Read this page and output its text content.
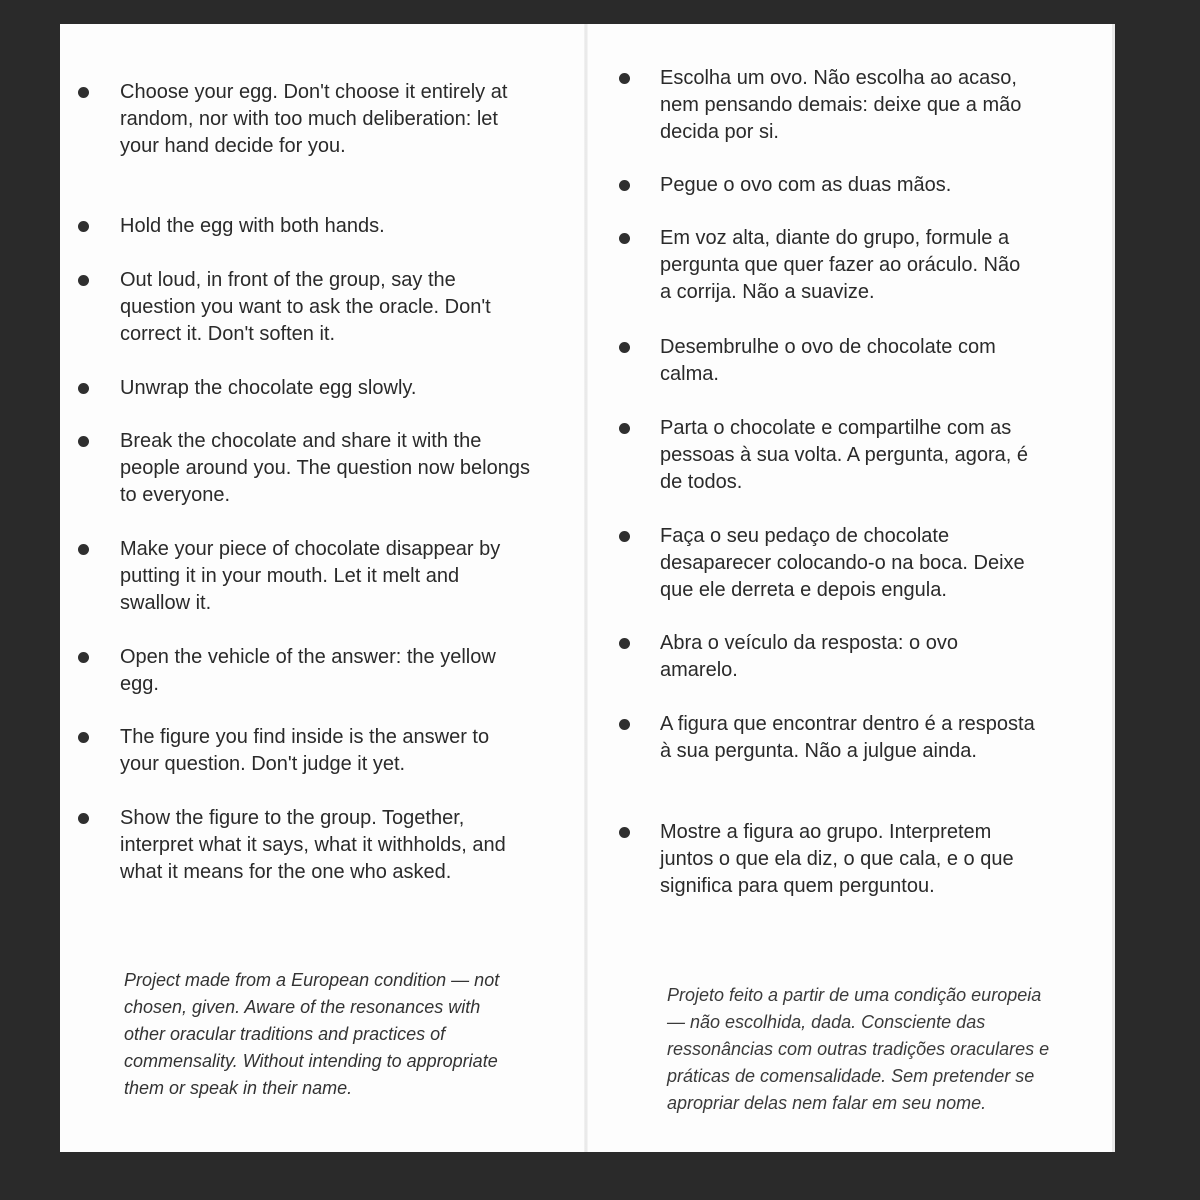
Choose your egg. Don't choose it entirely at random, nor with too much deliberation: let your hand decide for you.
Hold the egg with both hands.
Out loud, in front of the group, say the question you want to ask the oracle. Don't correct it. Don't soften it.
Unwrap the chocolate egg slowly.
Break the chocolate and share it with the people around you. The question now belongs to everyone.
Make your piece of chocolate disappear by putting it in your mouth. Let it melt and swallow it.
Open the vehicle of the answer: the yellow egg.
The figure you find inside is the answer to your question. Don't judge it yet.
Show the figure to the group. Together, interpret what it says, what it withholds, and what it means for the one who asked.
Project made from a European condition — not chosen, given. Aware of the resonances with other oracular traditions and practices of commensality. Without intending to appropriate them or speak in their name.
Escolha um ovo. Não escolha ao acaso, nem pensando demais: deixe que a mão decida por si.
Pegue o ovo com as duas mãos.
Em voz alta, diante do grupo, formule a pergunta que quer fazer ao oráculo. Não a corrija. Não a suavize.
Desembrulhe o ovo de chocolate com calma.
Parta o chocolate e compartilhe com as pessoas à sua volta. A pergunta, agora, é de todos.
Faça o seu pedaço de chocolate desaparecer colocando-o na boca. Deixe que ele derreta e depois engula.
Abra o veículo da resposta: o ovo amarelo.
A figura que encontrar dentro é a resposta à sua pergunta. Não a julgue ainda.
Mostre a figura ao grupo. Interpretem juntos o que ela diz, o que cala, e o que significa para quem perguntou.
Projeto feito a partir de uma condição europeia — não escolhida, dada. Consciente das ressonâncias com outras tradições oraculares e práticas de comensalidade. Sem pretender se apropriar delas nem falar em seu nome.
